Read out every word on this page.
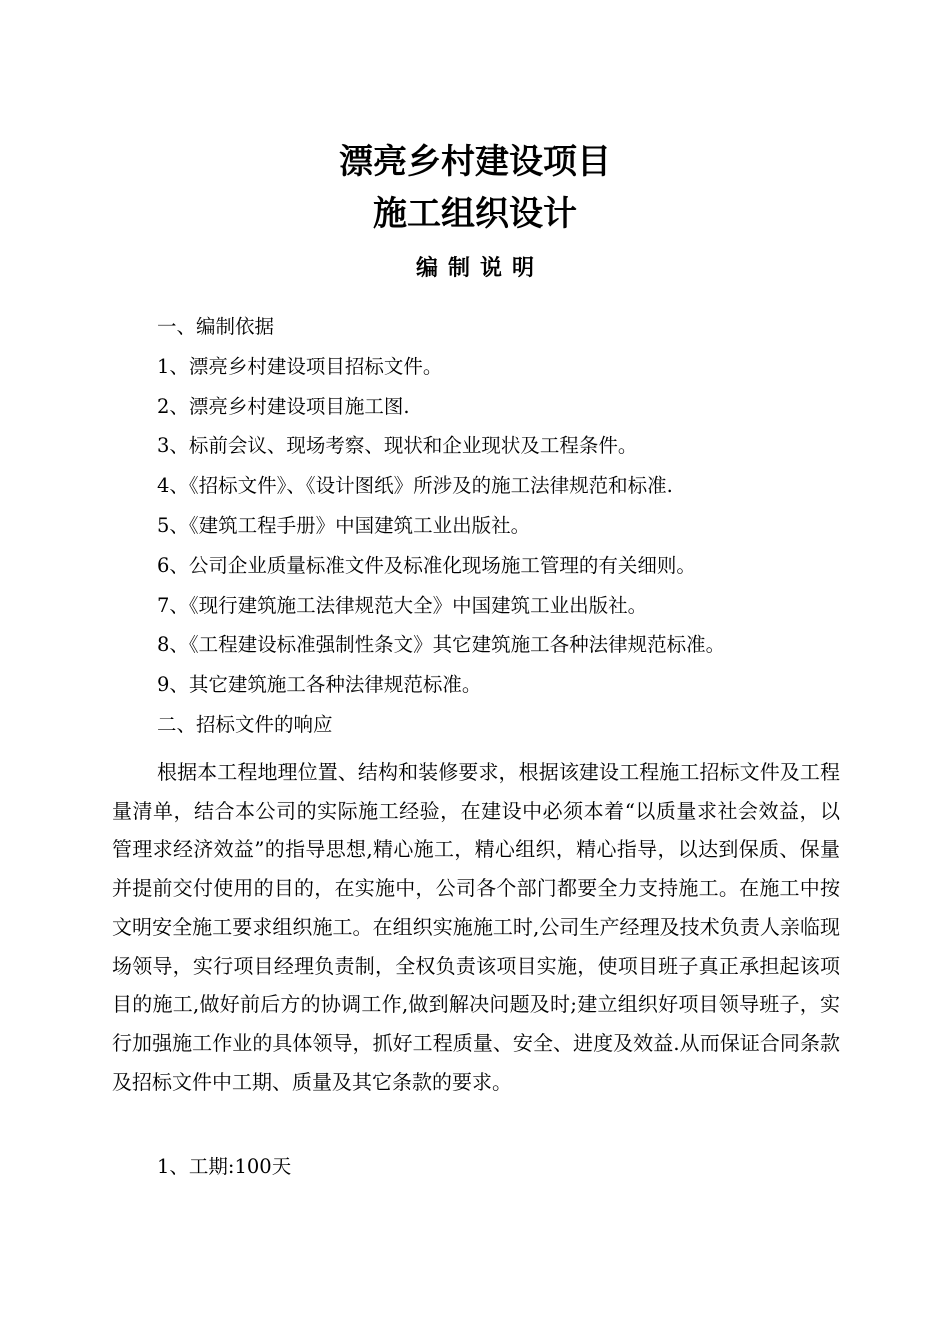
漂亮乡村建设项目
施工组织设计
编制说明

一、编制依据

1、漂亮乡村建设项目招标文件。

2、漂亮乡村建设项目施工图.

3、标前会议、现场考察、现状和企业现状及工程条件。

4、《招标文件》、《设计图纸》所涉及的施工法律规范和标准.

5、《建筑工程手册》中国建筑工业出版社。

6、公司企业质量标准文件及标准化现场施工管理的有关细则。

7、《现行建筑施工法律规范大全》中国建筑工业出版社。

8、《工程建设标准强制性条文》其它建筑施工各种法律规范标准。

9、其它建筑施工各种法律规范标准。

二、招标文件的响应

根据本工程地理位置、结构和装修要求，根据该建设工程施工招标文件及工程量清单，结合本公司的实际施工经验，在建设中必须本着“以质量求社会效益，以管理求经济效益”的指导思想,精心施工，精心组织，精心指导，以达到保质、保量并提前交付使用的目的，在实施中，公司各个部门都要全力支持施工。在施工中按文明安全施工要求组织施工。在组织实施施工时,公司生产经理及技术负责人亲临现场领导，实行项目经理负责制，全权负责该项目实施，使项目班子真正承担起该项目的施工,做好前后方的协调工作,做到解决问题及时;建立组织好项目领导班子，实行加强施工作业的具体领导，抓好工程质量、安全、进度及效益.从而保证合同条款及招标文件中工期、质量及其它条款的要求。

1、工期:100天
